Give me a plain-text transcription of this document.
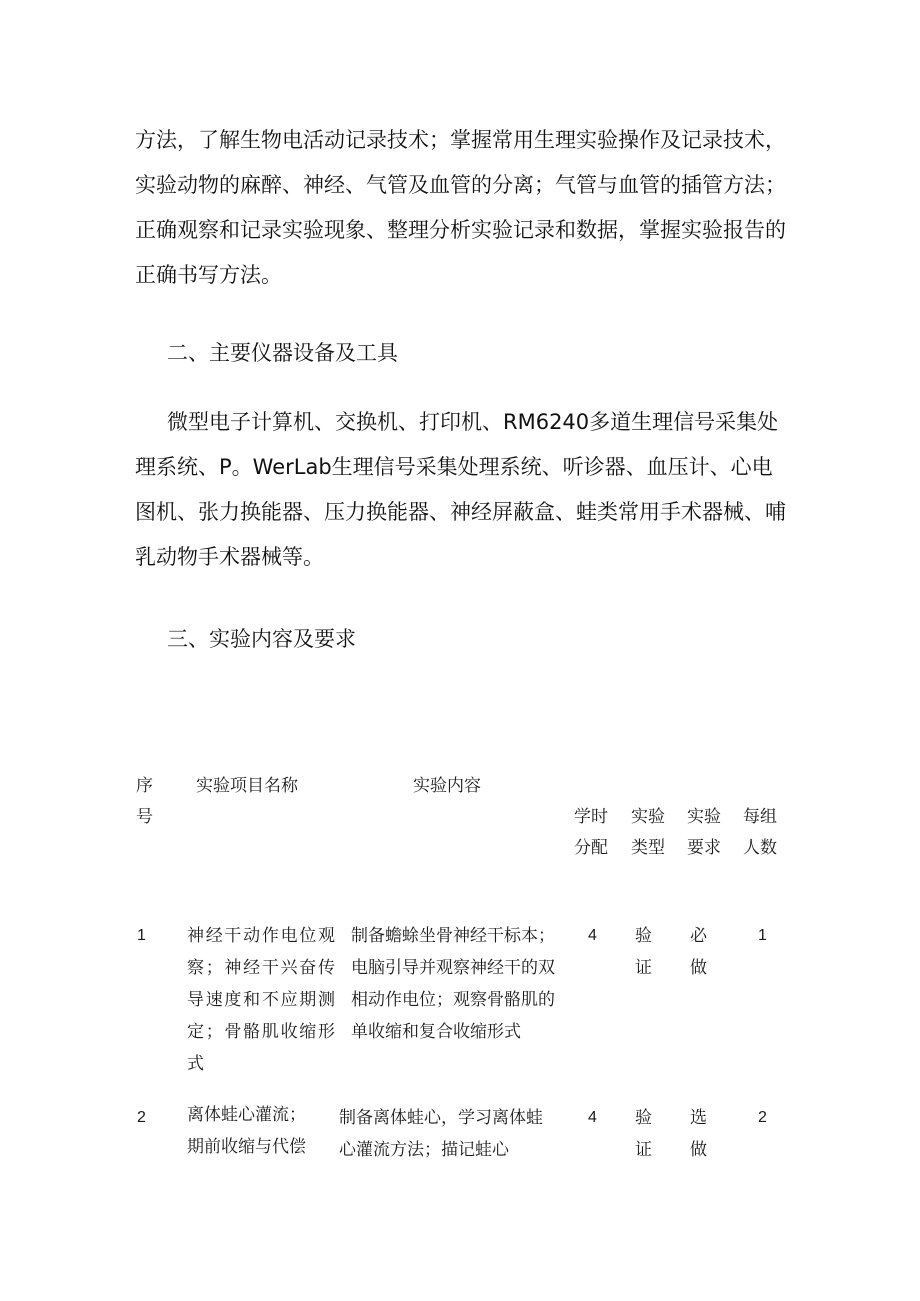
方法，了解生物电活动记录技术；掌握常用生理实验操作及记录技术，实验动物的麻醉、神经、气管及血管的分离；气管与血管的插管方法；正确观察和记录实验现象、整理分析实验记录和数据，掌握实验报告的正确书写方法。

二、主要仪器设备及工具

微型电子计算机、交换机、打印机、RM6240多道生理信号采集处理系统、P。WerLab生理信号采集处理系统、听诊器、血压计、心电图机、张力换能器、压力换能器、神经屏蔽盒、蛙类常用手术器械、哺乳动物手术器械等。

三、实验内容及要求

序
号
实验项目名称	实验内容
学时
分配
实验
类型
实验
要求
每组
人数
1 神经干动作电位观察；神经干兴奋传导速度和不应期测定；骨骼肌收缩形式
制备蟾蜍坐骨神经干标本；电脑引导并观察神经干的双相动作电位；观察骨骼肌的单收缩和复合收缩形式
4 验
证
必
做
1
2 离体蛙心灌流；
期前收缩与代偿
制备离体蛙心，学习离体蛙
心灌流方法；描记蛙心
4 验
证
选
做
2
